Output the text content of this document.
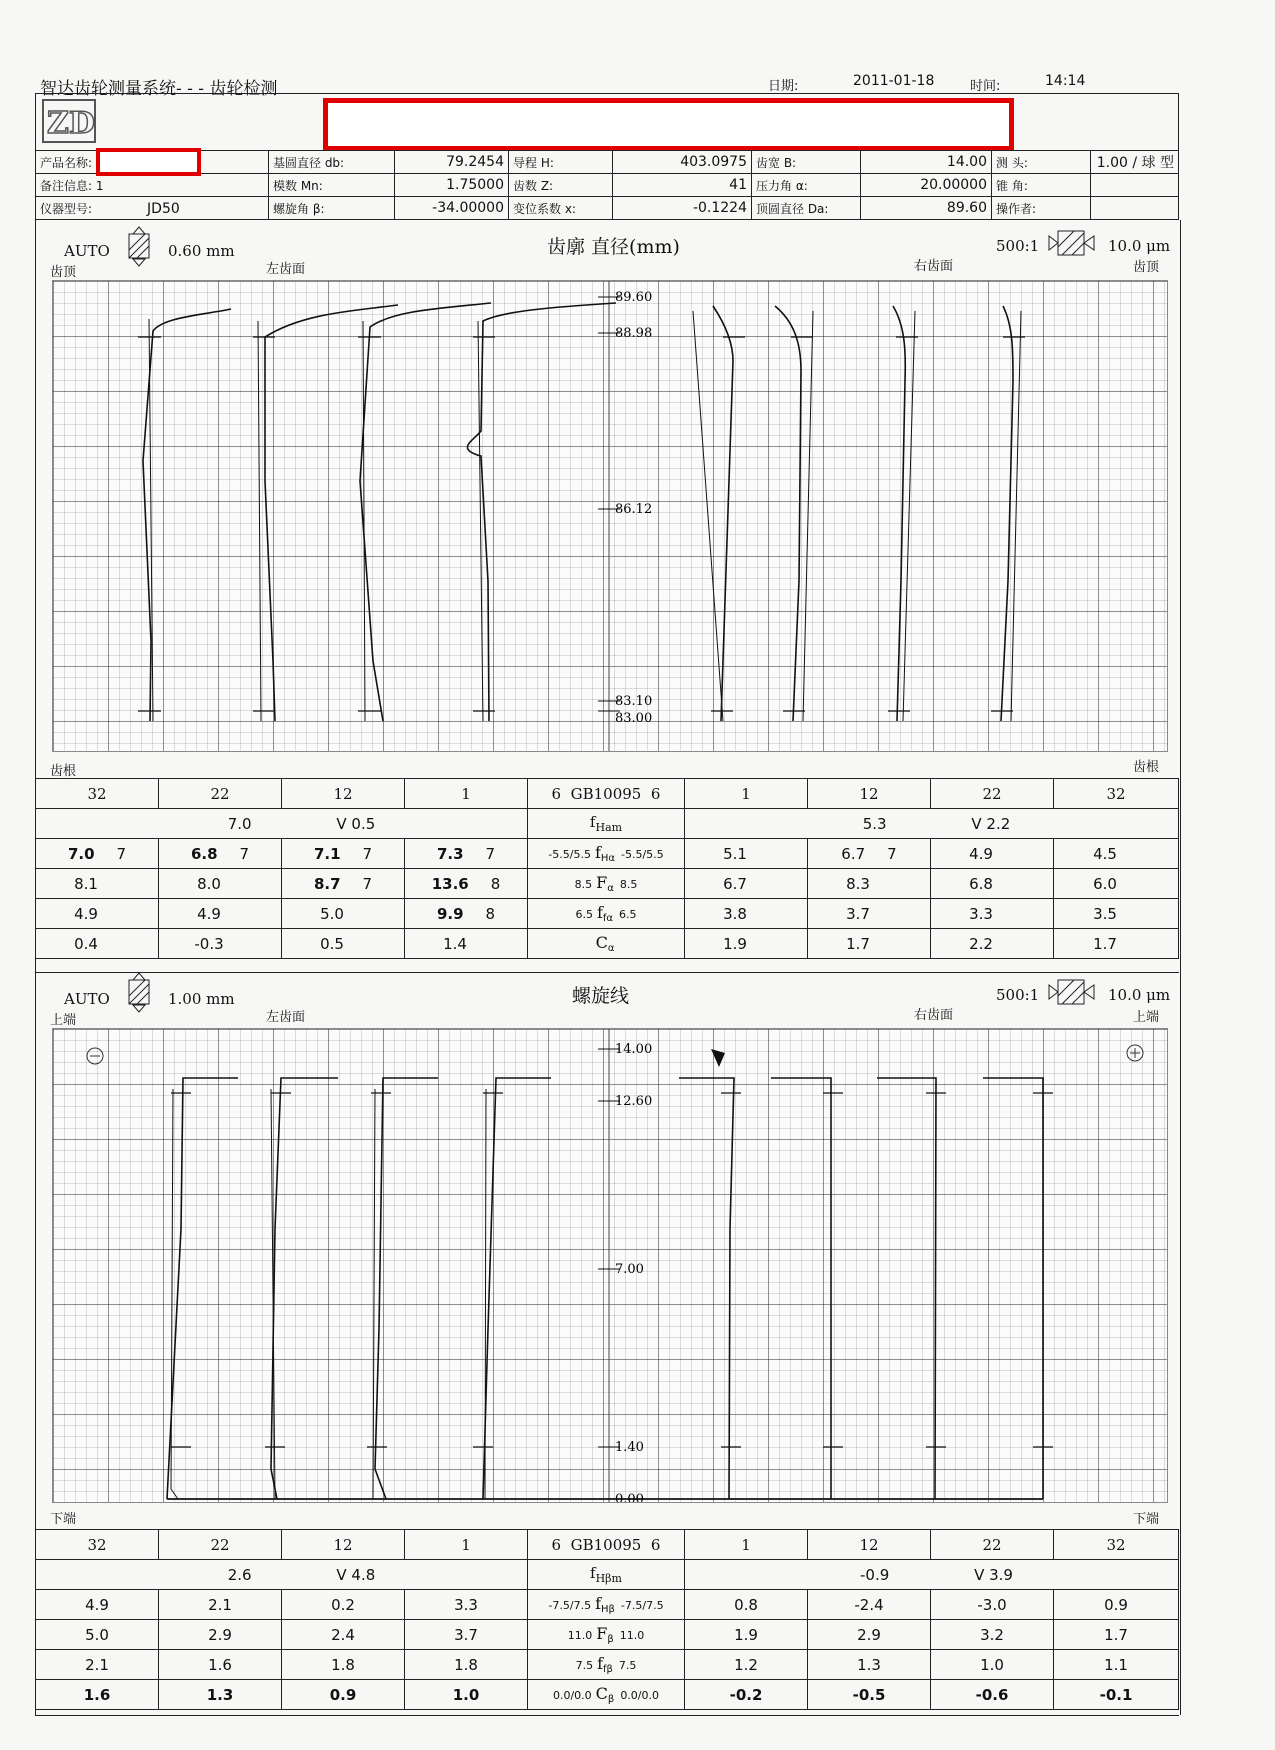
智达齿轮测量系统- - - 齿轮检测	日期:	2011-01-18	时间:	14:14
ZD
产品名称:	基圆直径 db:	79.2454	导程 H:	403.0975	齿宽 B:	14.00	测 头:	1.00 / 球 型
备注信息: 1	模数 Mn:	1.75000	齿数 Z:	41	压力角 α:	20.00000	锥 角:	
仪器型号: JD50	螺旋角 β:	-34.00000	变位系数 x:	-0.1224	顶圆直径 Da:	89.60	操作者:	
AUTO	0.60 mm
齿顶	左齿面
齿廓 直径(mm)
右齿面
500:1	10.0 μm
齿顶
89.60
88.98
86.12
83.10
83.00
齿根	齿根
32	22	12	1	6 GB10095 6	1	12	22	32
7.0 V 0.5				$f_{Ham}$	5.3 V 2.2			
7.0 7	6.8 7	7.1 7	7.3 7	-5.5/5.5 $f_{H\alpha}$ -5.5/5.5	5.1	6.7 7	4.9	4.5
8.1	8.0	8.7 7	13.6 8	8.5 $F_\alpha$ 8.5	6.7	8.3	6.8	6.0
4.9	4.9	5.0	9.9 8	6.5 $f_{f\alpha}$ 6.5	3.8	3.7	3.3	3.5
0.4	-0.3	0.5	1.4	$C_\alpha$	1.9	1.7	2.2	1.7
AUTO	1.00 mm
上端	左齿面
螺旋线
右齿面
500:1	10.0 μm
上端
14.00
12.60
7.00
1.40
0.00
下端	下端
32	22	12	1	6 GB10095 6	1	12	22	32
2.6 V 4.8				$f_{H\beta m}$	-0.9 V 3.9			
4.9	2.1	0.2	3.3	-7.5/7.5 $f_{H\beta}$ -7.5/7.5	0.8	-2.4	-3.0	0.9
5.0	2.9	2.4	3.7	11.0 $F_\beta$ 11.0	1.9	2.9	3.2	1.7
2.1	1.6	1.8	1.8	7.5 $f_{f\beta}$ 7.5	1.2	1.3	1.0	1.1
1.6	1.3	0.9	1.0	0.0/0.0 $C_\beta$ 0.0/0.0	-0.2	-0.5	-0.6	-0.1
